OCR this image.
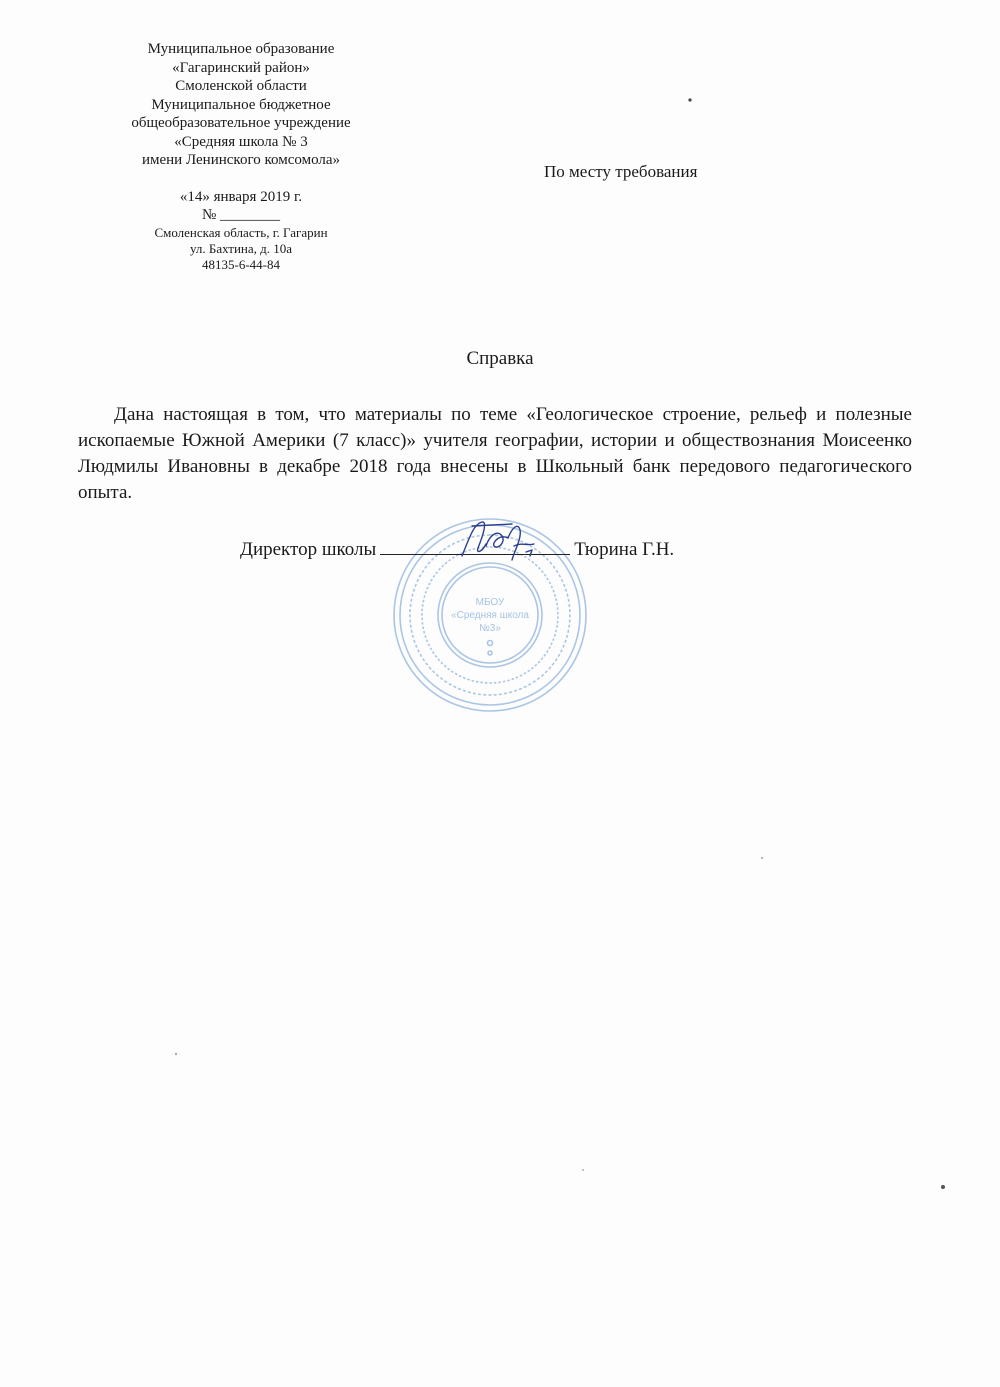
Муниципальное образование
«Гагаринский район»
Смоленской области
Муниципальное бюджетное
общеобразовательное учреждение
«Средняя школа № 3
имени Ленинского комсомола»
«14» января 2019 г.
№ ________
Смоленская область, г. Гагарин
ул. Бахтина, д. 10а
48135-6-44-84
По месту требования
Справка
Дана настоящая в том, что материалы по теме «Геологическое строение, рельеф и полезные ископаемые Южной Америки (7 класс)» учителя географии, истории и обществознания Моисеенко Людмилы Ивановны в декабре 2018 года внесены в Школьный банк передового педагогического опыта.
МБОУ
«Средняя школа
№3»
Директор школы	Тюрина Г.Н.
